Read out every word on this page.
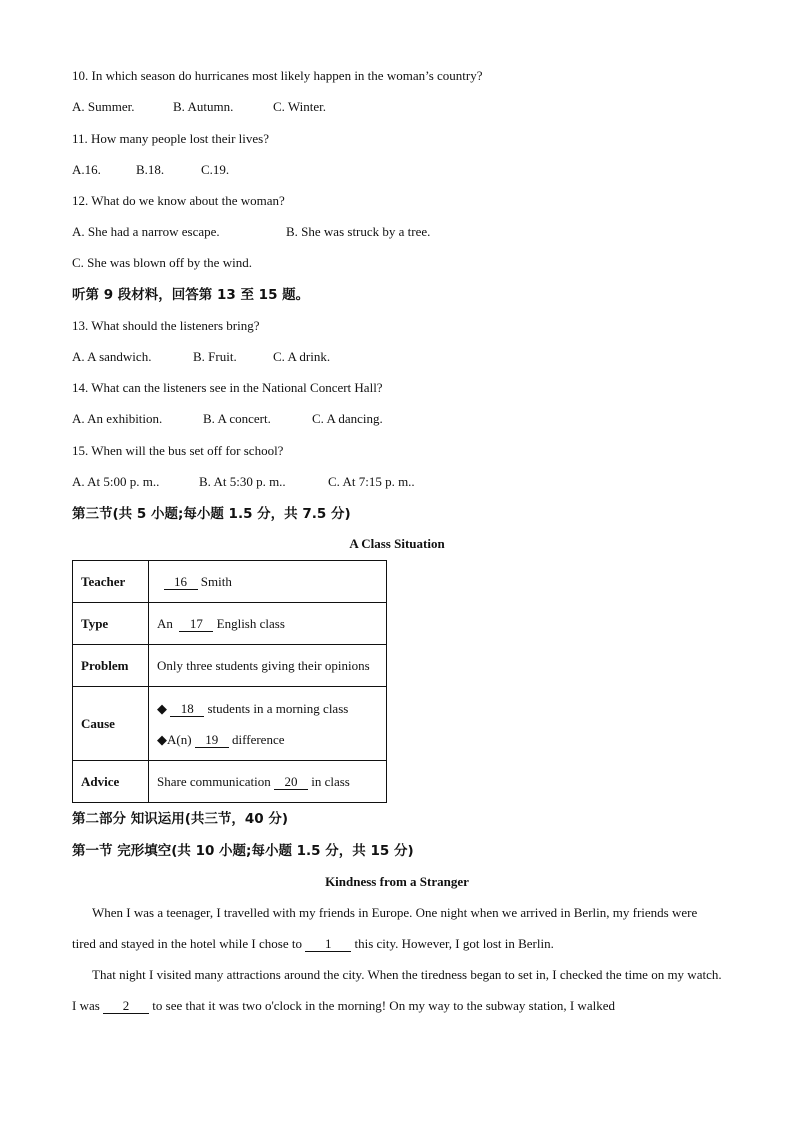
10. In which season do hurricanes most likely happen in the woman’s country?
A. Summer.	B. Autumn.	C. Winter.
11. How many people lost their lives?
A.16.	B.18.	C.19.
12. What do we know about the woman?
A. She had a narrow escape.	B. She was struck by a tree.
C. She was blown off by the wind.
听第 9 段材料，回答第 13 至 15 题。
13. What should the listeners bring?
A. A sandwich.	B. Fruit.	C. A drink.
14. What can the listeners see in the National Concert Hall?
A. An exhibition.	B. A concert.	C. A dancing.
15. When will the bus set off for school?
A. At 5:00 p. m..	B. At 5:30 p. m..	C. At 7:15 p. m..
第三节(共 5 小题;每小题 1.5 分，共 7.5 分)
A Class Situation
Teacher	16 Smith
Type	An  17 English class
Problem	Only three students giving their opinions
Cause	◆ 18 students in a morning class
◆A(n) 19 difference

Advice	Share communication 20 in class
第二部分 知识运用(共三节，40 分)
第一节 完形填空(共 10 小题;每小题 1.5 分，共 15 分)
Kindness from a Stranger

When I was a teenager, I travelled with my friends in Europe. One night when we arrived in Berlin, my friends were tired and stayed in the hotel while I chose to 1 this city. However, I got lost in Berlin.

That night I visited many attractions around the city. When the tiredness began to set in, I checked the time on my watch. I was 2 to see that it was two o'clock in the morning! On my way to the subway station, I walked
